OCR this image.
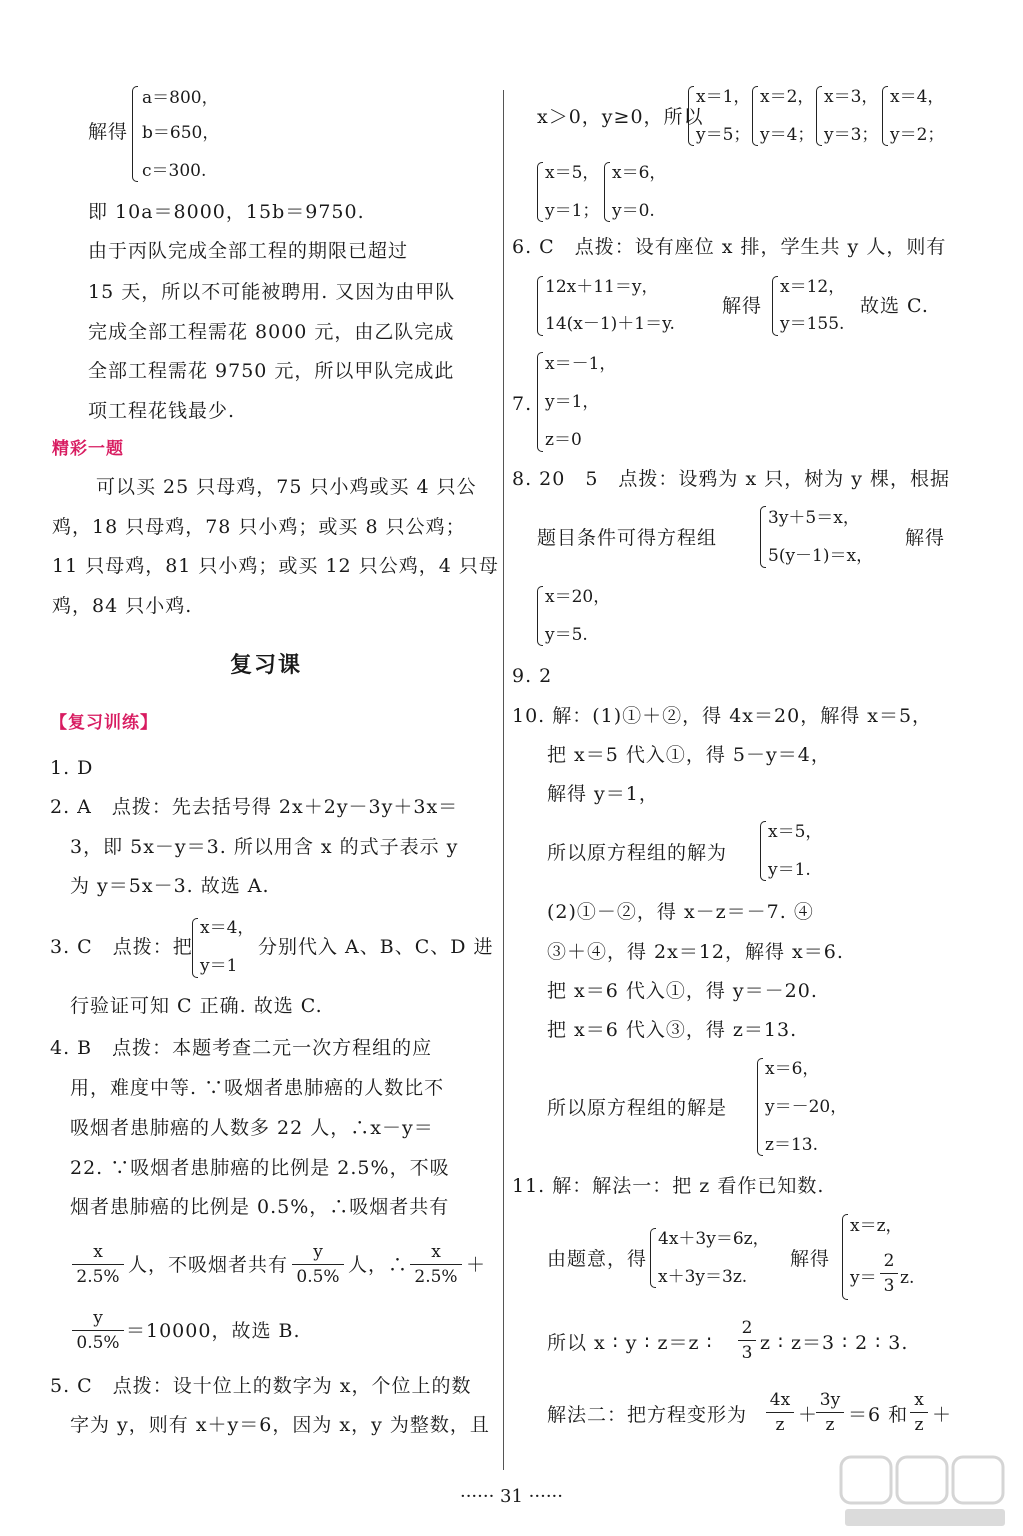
解得
a＝800，
b＝650，
c＝300.
即 10a＝8000，15b＝9750.
由于丙队完成全部工程的期限已超过
15 天，所以不可能被聘用. 又因为由甲队
完成全部工程需花 8000 元，由乙队完成
全部工程需花 9750 元，所以甲队完成此
项工程花钱最少.
精彩一题
可以买 25 只母鸡，75 只小鸡或买 4 只公
鸡，18 只母鸡，78 只小鸡；或买 8 只公鸡；
11 只母鸡，81 只小鸡；或买 12 只公鸡，4 只母
鸡，84 只小鸡.
复习课
【复习训练】
1. D
2. A　点拨：先去括号得 2x＋2y－3y＋3x＝
3，即 5x－y＝3. 所以用含 x 的式子表示 y
为 y＝5x－3. 故选 A.
3. C　点拨：把
x＝4，
y＝1
分别代入 A、B、C、D 进
行验证可知 C 正确. 故选 C.
4. B　点拨：本题考查二元一次方程组的应
用，难度中等. ∵吸烟者患肺癌的人数比不
吸烟者患肺癌的人数多 22 人，∴x－y＝
22. ∵吸烟者患肺癌的比例是 2.5%，不吸
烟者患肺癌的比例是 0.5%，∴吸烟者共有
x
2.5%
人，不吸烟者共有
y
0.5%
人，∴
x
2.5%
＋
y
0.5%
＝10000，故选 B.
5. C　点拨：设十位上的数字为 x，个位上的数
字为 y，则有 x＋y＝6，因为 x，y 为整数，且
x＞0，y≥0，所以
x＝1，
y＝5；
x＝2，
y＝4；
x＝3，
y＝3；
x＝4，
y＝2；
x＝5，
y＝1；
x＝6，
y＝0.
6. C　点拨：设有座位 x 排，学生共 y 人，则有
12x＋11＝y，
14(x－1)＋1＝y.
解得
x＝12，
y＝155.
故选 C.
7.
x＝－1，
y＝1，
z＝0
8. 20　5　点拨：设鸦为 x 只，树为 y 棵，根据
题目条件可得方程组
3y＋5＝x，
5(y－1)＝x，
解得
x＝20，
y＝5.
9. 2
10. 解：(1)①＋②，得 4x＝20，解得 x＝5，
把 x＝5 代入①，得 5－y＝4，
解得 y＝1，
所以原方程组的解为
x＝5，
y＝1.
(2)①－②，得 x－z＝－7. ④
③＋④，得 2x＝12，解得 x＝6.
把 x＝6 代入①，得 y＝－20.
把 x＝6 代入③，得 z＝13.
所以原方程组的解是
x＝6，
y＝－20，
z＝13.
11. 解：解法一：把 z 看作已知数.
由题意，得
4x＋3y＝6z，
x＋3y＝3z.
解得
x＝z，
y＝
2
3 z.
所以 x ∶ y ∶ z＝z ∶
2
3 z ∶ z＝3 ∶ 2 ∶ 3.
解法二：把方程变形为
4x
z ＋
3y
z ＝6 和
x
z ＋
······ 31 ······
